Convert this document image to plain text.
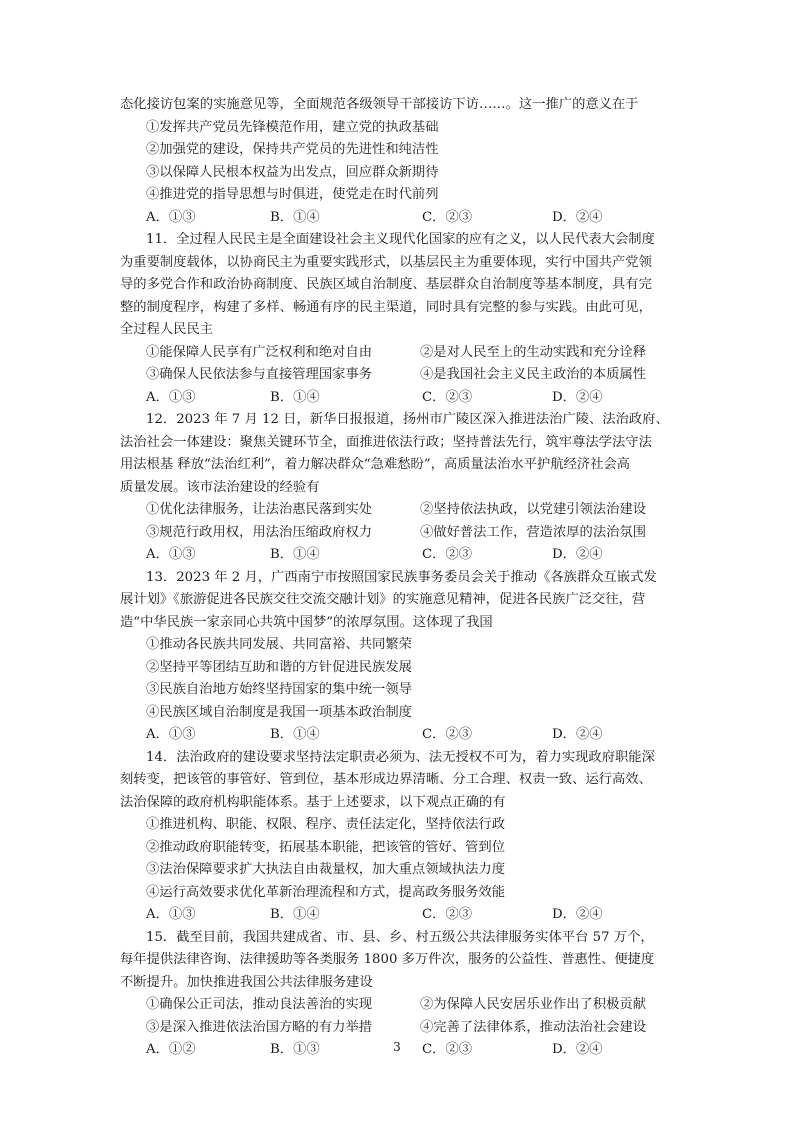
态化接访包案的实施意见等，全面规范各级领导干部接访下访……。这一推广的意义在于
①发挥共产党员先锋模范作用，建立党的执政基础
②加强党的建设，保持共产党员的先进性和纯洁性
③以保障人民根本权益为出发点，回应群众新期待
④推进党的指导思想与时俱进，使党走在时代前列
A．①③	B．①④	C．②③	D．②④
11．全过程人民民主是全面建设社会主义现代化国家的应有之义，以人民代表大会制度
为重要制度载体，以协商民主为重要实践形式，以基层民主为重要体现，实行中国共产党领
导的多党合作和政治协商制度、民族区域自治制度、基层群众自治制度等基本制度，具有完
整的制度程序，构建了多样、畅通有序的民主渠道，同时具有完整的参与实践。由此可见，
全过程人民民主
①能保障人民享有广泛权利和绝对自由	②是对人民至上的生动实践和充分诠释
③确保人民依法参与直接管理国家事务	④是我国社会主义民主政治的本质属性
A．①③	B．①④	C．②③	D．②④
12．2023 年 7 月 12 日，新华日报报道，扬州市广陵区深入推进法治广陵、法治政府、
法治社会一体建设：聚焦关键环节全，面推进依法行政；坚持普法先行，筑牢尊法学法守法
用法根基 释放“法治红利”，着力解决群众“急难愁盼”，高质量法治水平护航经济社会高
质量发展。该市法治建设的经验有
①优化法律服务，让法治惠民落到实处	②坚持依法执政，以党建引领法治建设
③规范行政用权，用法治压缩政府权力	④做好普法工作，营造浓厚的法治氛围
A．①③	B．①④	C．②③	D．②④
13．2023 年 2 月，广西南宁市按照国家民族事务委员会关于推动《各族群众互嵌式发
展计划》《旅游促进各民族交往交流交融计划》的实施意见精神，促进各民族广泛交往，营
造“中华民族一家亲同心共筑中国梦”的浓厚氛围。这体现了我国
①推动各民族共同发展、共同富裕、共同繁荣
②坚持平等团结互助和谐的方针促进民族发展
③民族自治地方始终坚持国家的集中统一领导
④民族区域自治制度是我国一项基本政治制度
A．①③	B．①④	C．②③	D．②④
14．法治政府的建设要求坚持法定职责必须为、法无授权不可为，着力实现政府职能深
刻转变，把该管的事管好、管到位，基本形成边界清晰、分工合理、权责一致、运行高效、
法治保障的政府机构职能体系。基于上述要求，以下观点正确的有
①推进机构、职能、权限、程序、责任法定化，坚持依法行政
②推动政府职能转变，拓展基本职能，把该管的管好、管到位
③法治保障要求扩大执法自由裁量权，加大重点领域执法力度
④运行高效要求优化革新治理流程和方式，提高政务服务效能
A．①③	B．①④	C．②③	D．②④
15．截至目前，我国共建成省、市、县、乡、村五级公共法律服务实体平台 57 万个，
每年提供法律咨询、法律援助等各类服务 1800 多万件次，服务的公益性、普惠性、便捷度
不断提升。加快推进我国公共法律服务建设
①确保公正司法，推动良法善治的实现	②为保障人民安居乐业作出了积极贡献
③是深入推进依法治国方略的有力举措	④完善了法律体系，推动法治社会建设
A．①②	B．①③	C．②③	D．②④
3
